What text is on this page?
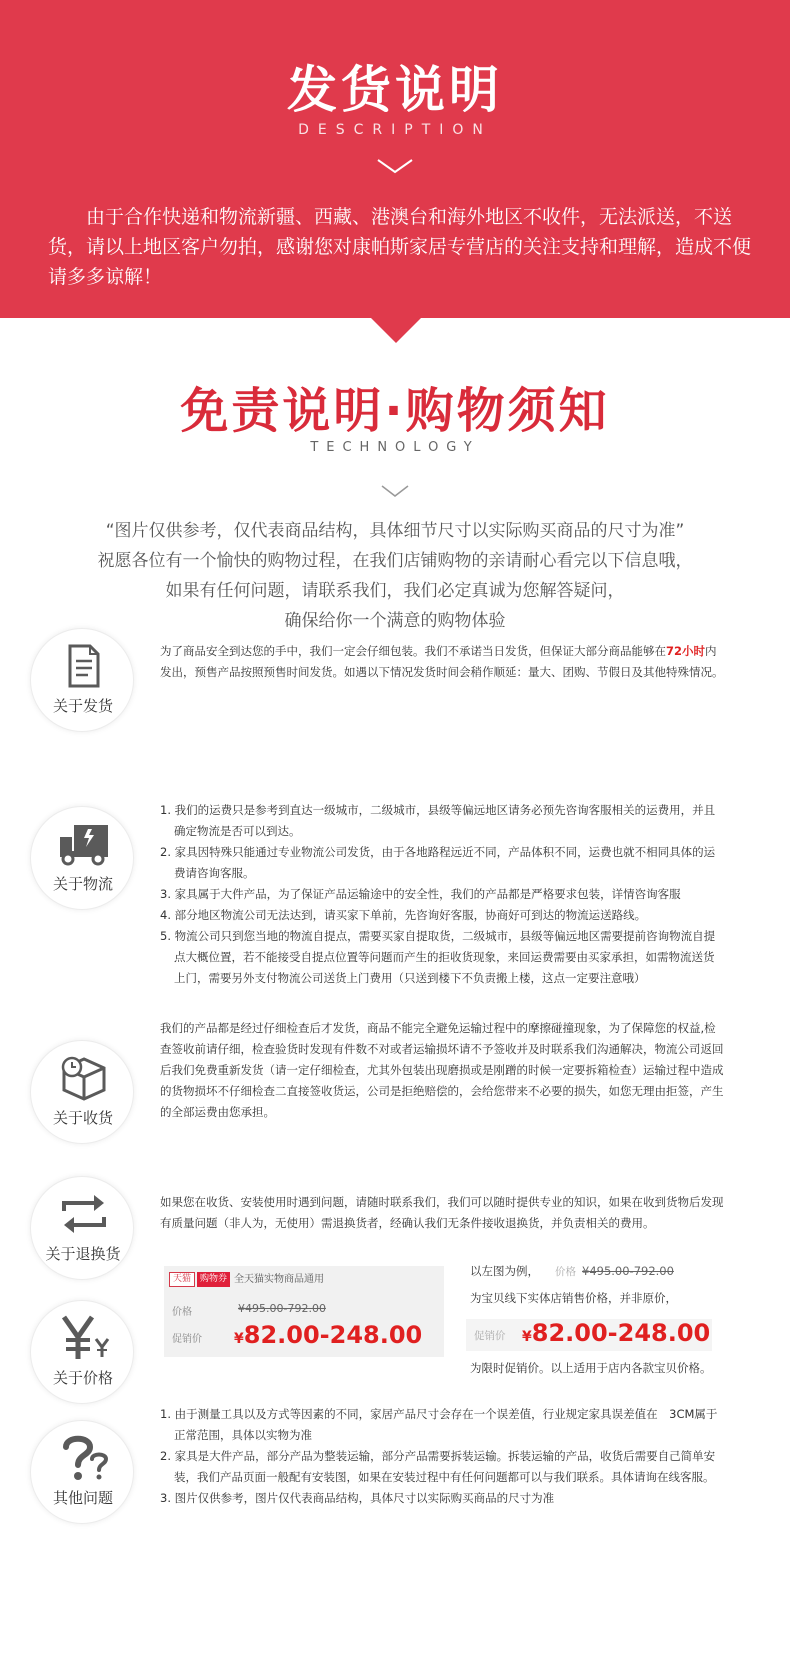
发货说明
DESCRIPTION
由于合作快递和物流新疆、西藏、港澳台和海外地区不收件，无法派送，不送货，请以上地区客户勿拍，感谢您对康帕斯家居专营店的关注支持和理解，造成不便请多多谅解！
免责说明·购物须知
TECHNOLOGY
“图片仅供参考，仅代表商品结构，具体细节尺寸以实际购买商品的尺寸为准”
祝愿各位有一个愉快的购物过程，在我们店铺购物的亲请耐心看完以下信息哦，
如果有任何问题，请联系我们，我们必定真诚为您解答疑问，
确保给你一个满意的购物体验
关于发货
为了商品安全到达您的手中，我们一定会仔细包装。我们不承诺当日发货，但保证大部分商品能够在72小时内发出，预售产品按照预售时间发货。如遇以下情况发货时间会稍作顺延：量大、团购、节假日及其他特殊情况。
关于物流
1. 我们的运费只是参考到直达一级城市，二级城市，县级等偏远地区请务必预先咨询客服相关的运费用，并且确定物流是否可以到达。
2. 家具因特殊只能通过专业物流公司发货，由于各地路程远近不同，产品体积不同，运费也就不相同具体的运费请咨询客服。
3. 家具属于大件产品，为了保证产品运输途中的安全性，我们的产品都是严格要求包装，详情咨询客服
4. 部分地区物流公司无法达到，请买家下单前，先咨询好客服，协商好可到达的物流运送路线。
5. 物流公司只到您当地的物流自提点，需要买家自提取货，二级城市，县级等偏远地区需要提前咨询物流自提点大概位置，若不能接受自提点位置等问题而产生的拒收货现象，来回运费需要由买家承担，如需物流送货上门，需要另外支付物流公司送货上门费用（只送到楼下不负责搬上楼，这点一定要注意哦）
关于收货
我们的产品都是经过仔细检查后才发货，商品不能完全避免运输过程中的摩擦碰撞现象，为了保障您的权益,检查签收前请仔细，检查验货时发现有件数不对或者运输损坏请不予签收并及时联系我们沟通解决，物流公司返回后我们免费重新发货（请一定仔细检查，尤其外包装出现磨损或是刚蹭的时候一定要拆箱检查）运输过程中造成的货物损坏不仔细检查二直接签收货运，公司是拒绝赔偿的，会给您带来不必要的损失，如您无理由拒签，产生的全部运费由您承担。
关于退换货
如果您在收货、安装使用时遇到问题，请随时联系我们，我们可以随时提供专业的知识，如果在收到货物后发现有质量问题（非人为，无使用）需退换货者，经确认我们无条件接收退换货，并负责相关的费用。
关于价格
天猫 购物券 全天猫实物商品通用
价格	¥495.00-792.00
促销价 ¥82.00-248.00
以左图为例， 价格 ¥495.00-792.00
为宝贝线下实体店销售价格，并非原价，
促销价 ¥82.00-248.00
为限时促销价。以上适用于店内各款宝贝价格。
其他问题
1. 由于测量工具以及方式等因素的不同，家居产品尺寸会存在一个误差值，行业规定家具误差值在　3CM属于正常范围，具体以实物为准
2. 家具是大件产品，部分产品为整装运输，部分产品需要拆装运输。拆装运输的产品，收货后需要自己简单安装，我们产品页面一般配有安装图，如果在安装过程中有任何问题都可以与我们联系。具体请询在线客服。
3. 图片仅供参考，图片仅代表商品结构，具体尺寸以实际购买商品的尺寸为准
